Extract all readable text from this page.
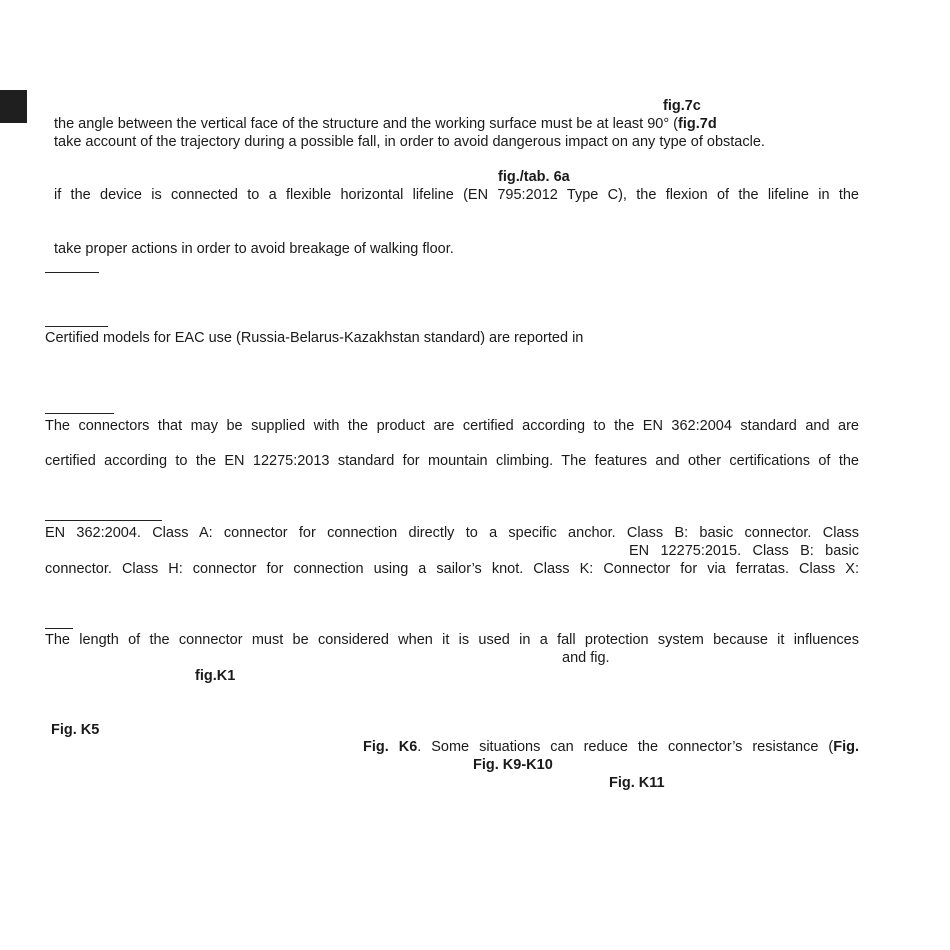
fig.7c
the angle between the vertical face of the structure and the working surface must be at least 90° (fig.7d
take account of the trajectory during a possible fall, in order to avoid dangerous impact on any type of obstacle.
fig./tab. 6a
if the device is connected to a flexible horizontal lifeline (EN 795:2012 Type C), the flexion of the lifeline in the
take proper actions in order to avoid breakage of walking floor.
Certified models for EAC use (Russia-Belarus-Kazakhstan standard) are reported in
The connectors that may be supplied with the product are certified according to the EN 362:2004 standard and are
certified according to the EN 12275:2013 standard for mountain climbing. The features and other certifications of the
EN 362:2004. Class A: connector for connection directly to a specific anchor. Class B: basic connector. Class
EN 12275:2015. Class B: basic
connector. Class H: connector for connection using a sailor’s knot. Class K: Connector for via ferratas. Class X:
The length of the connector must be considered when it is used in a fall protection system because it influences
and fig.
fig.K1
Fig. K5
Fig. K6. Some situations can reduce the connector’s resistance (Fig.
Fig. K9-K10
Fig. K11
